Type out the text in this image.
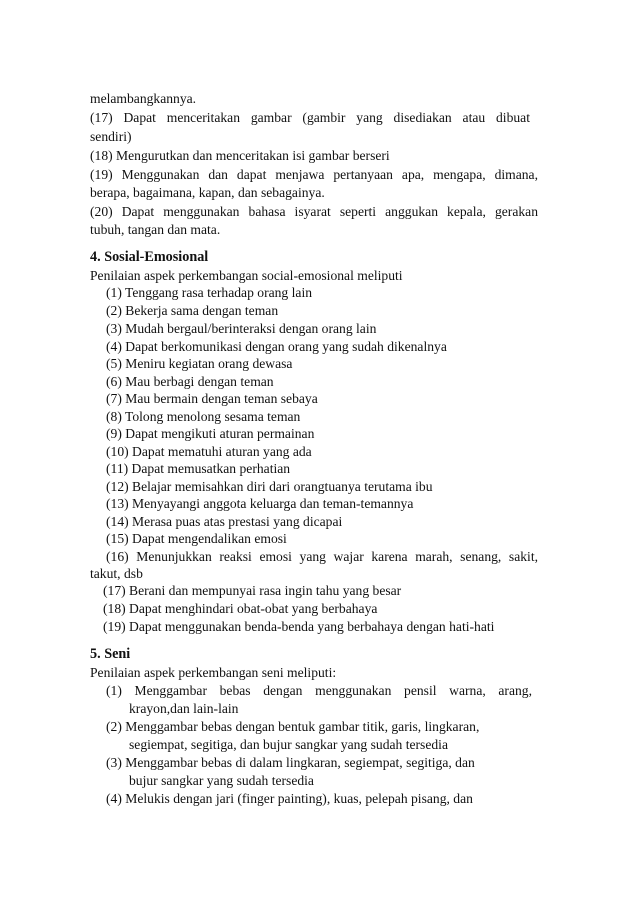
melambangkannya.
(17) Dapat menceritakan gambar (gambir yang disediakan atau dibuat
sendiri)
(18) Mengurutkan dan menceritakan isi gambar berseri
(19) Menggunakan dan dapat menjawa pertanyaan apa, mengapa, dimana,
berapa, bagaimana, kapan, dan sebagainya.
(20) Dapat menggunakan bahasa isyarat seperti anggukan kepala, gerakan
tubuh, tangan dan mata.
4. Sosial-Emosional
Penilaian aspek perkembangan social-emosional meliputi
(1) Tenggang rasa terhadap orang lain
(2) Bekerja sama dengan teman
(3) Mudah bergaul/berinteraksi dengan orang lain
(4) Dapat berkomunikasi dengan orang yang sudah dikenalnya
(5) Meniru kegiatan orang dewasa
(6) Mau berbagi dengan teman
(7) Mau bermain dengan teman sebaya
(8) Tolong menolong sesama teman
(9) Dapat mengikuti aturan permainan
(10) Dapat mematuhi aturan yang ada
(11) Dapat memusatkan perhatian
(12) Belajar memisahkan diri dari orangtuanya terutama ibu
(13) Menyayangi anggota keluarga dan teman-temannya
(14) Merasa puas atas prestasi yang dicapai
(15) Dapat mengendalikan emosi
(16) Menunjukkan reaksi emosi yang wajar karena marah, senang, sakit,
takut, dsb
(17) Berani dan mempunyai rasa ingin tahu yang besar
(18) Dapat menghindari obat-obat yang berbahaya
(19) Dapat menggunakan benda-benda yang berbahaya dengan hati-hati
5. Seni
Penilaian aspek perkembangan seni meliputi:
(1) Menggambar bebas dengan menggunakan pensil warna, arang,
krayon,dan lain-lain
(2) Menggambar bebas dengan bentuk gambar titik, garis, lingkaran,
segiempat, segitiga, dan bujur sangkar yang sudah tersedia
(3) Menggambar bebas di dalam lingkaran, segiempat, segitiga, dan
bujur sangkar yang sudah tersedia
(4) Melukis dengan jari (finger painting), kuas, pelepah pisang, dan
